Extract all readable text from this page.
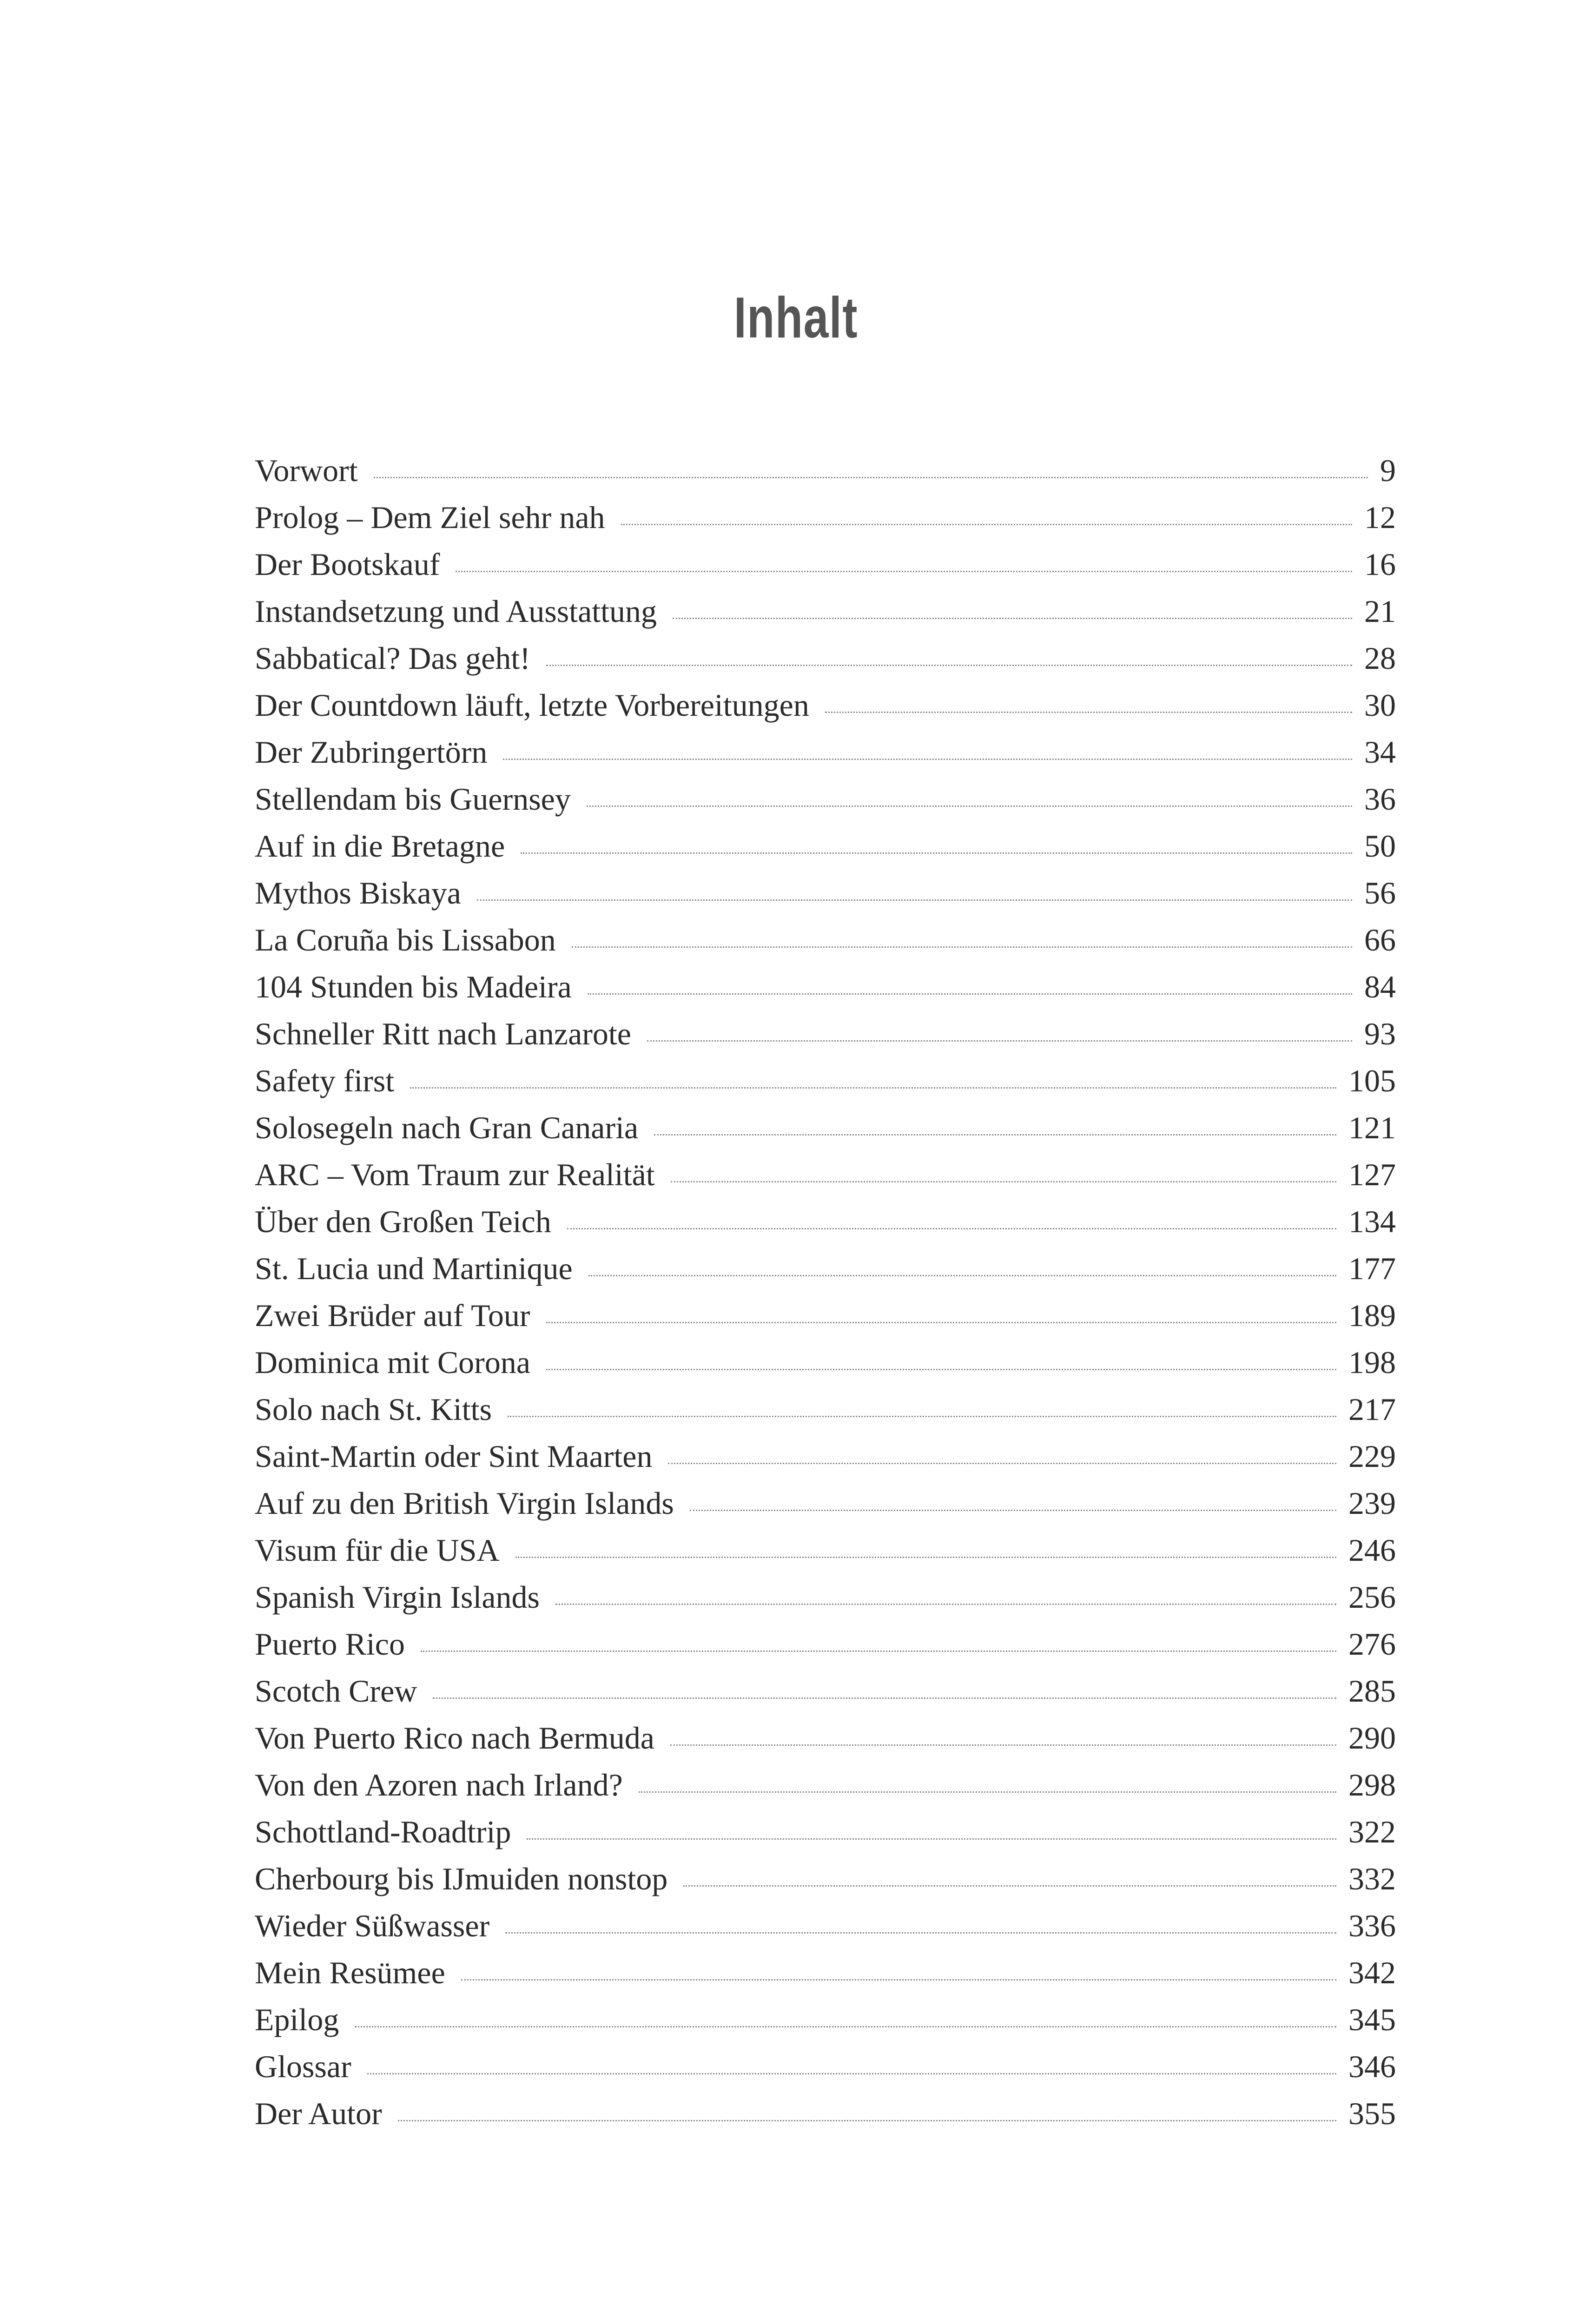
Inhalt
Vorwort	9
Prolog – Dem Ziel sehr nah	12
Der Bootskauf	16
Instandsetzung und Ausstattung	21
Sabbatical? Das geht!	28
Der Countdown läuft, letzte Vorbereitungen	30
Der Zubringertörn	34
Stellendam bis Guernsey	36
Auf in die Bretagne	50
Mythos Biskaya	56
La Coruña bis Lissabon	66
104 Stunden bis Madeira	84
Schneller Ritt nach Lanzarote	93
Safety first	105
Solosegeln nach Gran Canaria	121
ARC – Vom Traum zur Realität	127
Über den Großen Teich	134
St. Lucia und Martinique	177
Zwei Brüder auf Tour	189
Dominica mit Corona	198
Solo nach St. Kitts	217
Saint-Martin oder Sint Maarten	229
Auf zu den British Virgin Islands	239
Visum für die USA	246
Spanish Virgin Islands	256
Puerto Rico	276
Scotch Crew	285
Von Puerto Rico nach Bermuda	290
Von den Azoren nach Irland?	298
Schottland-Roadtrip	322
Cherbourg bis IJmuiden nonstop	332
Wieder Süßwasser	336
Mein Resümee	342
Epilog	345
Glossar	346
Der Autor	355
